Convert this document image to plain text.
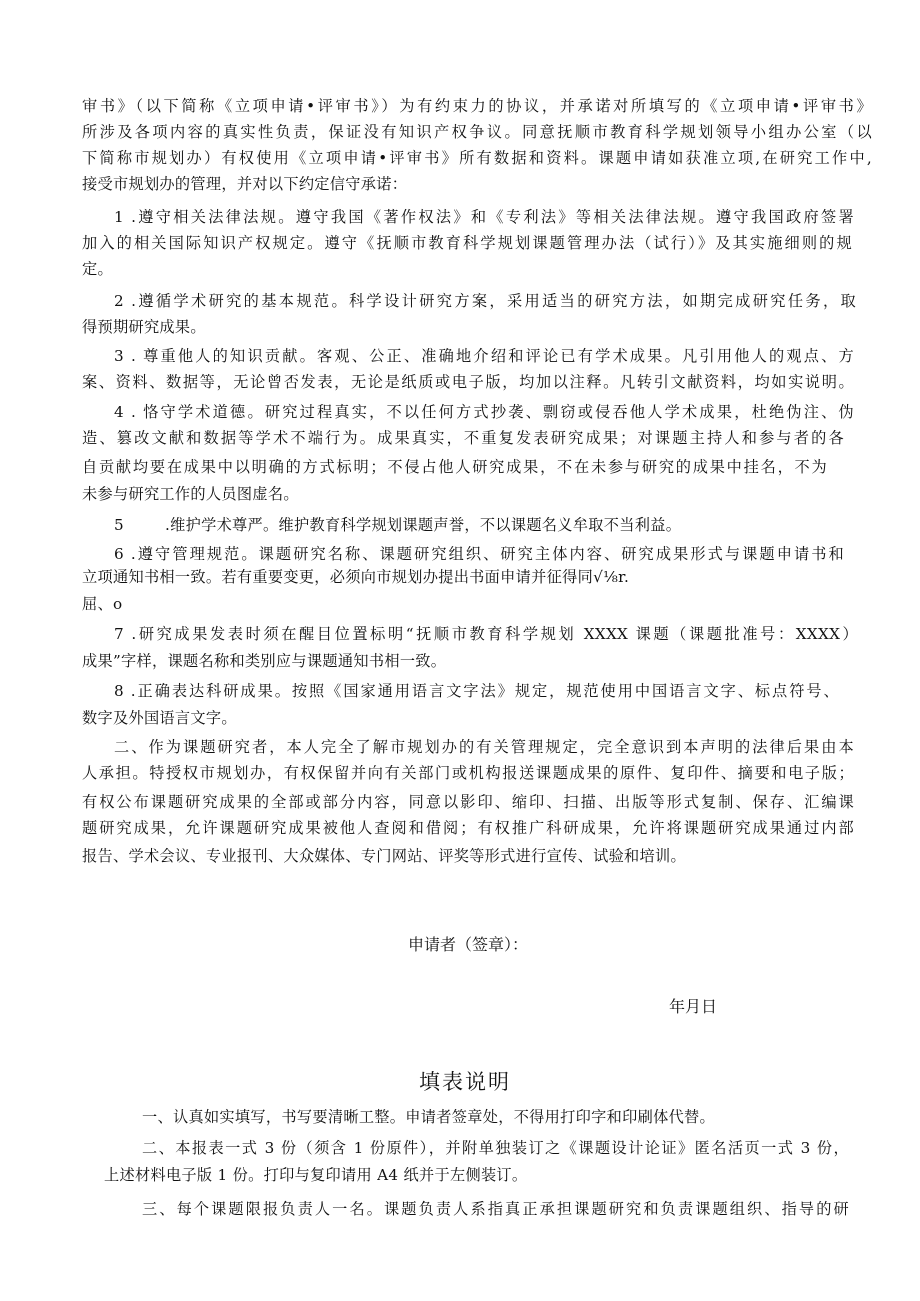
审书》（以下简称《立项申请•评审书》）为有约束力的协议，并承诺对所填写的《立项申请•评审书》
所涉及各项内容的真实性负责，保证没有知识产权争议。同意抚顺市教育科学规划领导小组办公室（以
下简称市规划办）有权使用《立项申请•评审书》所有数据和资料。课题申请如获准立项,在研究工作中,
接受市规划办的管理，并对以下约定信守承诺：
1 .遵守相关法律法规。遵守我国《著作权法》和《专利法》等相关法律法规。遵守我国政府签署
加入的相关国际知识产权规定。遵守《抚顺市教育科学规划课题管理办法（试行）》及其实施细则的规
定。
2 .遵循学术研究的基本规范。科学设计研究方案，采用适当的研究方法，如期完成研究任务，取
得预期研究成果。
3 . 尊重他人的知识贡献。客观、公正、准确地介绍和评论已有学术成果。凡引用他人的观点、方
案、资料、数据等，无论曾否发表，无论是纸质或电子版，均加以注释。凡转引文献资料，均如实说明。
4 . 恪守学术道德。研究过程真实，不以任何方式抄袭、剽窃或侵吞他人学术成果，杜绝伪注、伪
造、篡改文献和数据等学术不端行为。成果真实，不重复发表研究成果；对课题主持人和参与者的各
自贡献均要在成果中以明确的方式标明；不侵占他人研究成果，不在未参与研究的成果中挂名，不为
未参与研究工作的人员图虚名。
5        .维护学术尊严。维护教育科学规划课题声誉，不以课题名义牟取不当利益。
6 .遵守管理规范。课题研究名称、课题研究组织、研究主体内容、研究成果形式与课题申请书和
立项通知书相一致。若有重要变更，必须向市规划办提出书面申请并征得同√⅛r.
屈、o
7 .研究成果发表时须在醒目位置标明“抚顺市教育科学规划 XXXX 课题（课题批准号：XXXX）
成果”字样，课题名称和类别应与课题通知书相一致。
8 .正确表达科研成果。按照《国家通用语言文字法》规定，规范使用中国语言文字、标点符号、
数字及外国语言文字。
二、作为课题研究者，本人完全了解市规划办的有关管理规定，完全意识到本声明的法律后果由本
人承担。特授权市规划办，有权保留并向有关部门或机构报送课题成果的原件、复印件、摘要和电子版；
有权公布课题研究成果的全部或部分内容，同意以影印、缩印、扫描、出版等形式复制、保存、汇编课
题研究成果，允许课题研究成果被他人查阅和借阅；有权推广科研成果，允许将课题研究成果通过内部
报告、学术会议、专业报刊、大众媒体、专门网站、评奖等形式进行宣传、试验和培训。
申请者（签章）：
年月日
填表说明
一、认真如实填写，书写要清晰工整。申请者签章处，不得用打印字和印刷体代替。
二、本报表一式 3 份（须含 1 份原件），并附单独装订之《课题设计论证》匿名活页一式 3 份，
上述材料电子版 1 份。打印与复印请用 A4 纸并于左侧装订。
三、每个课题限报负责人一名。课题负责人系指真正承担课题研究和负责课题组织、指导的研
